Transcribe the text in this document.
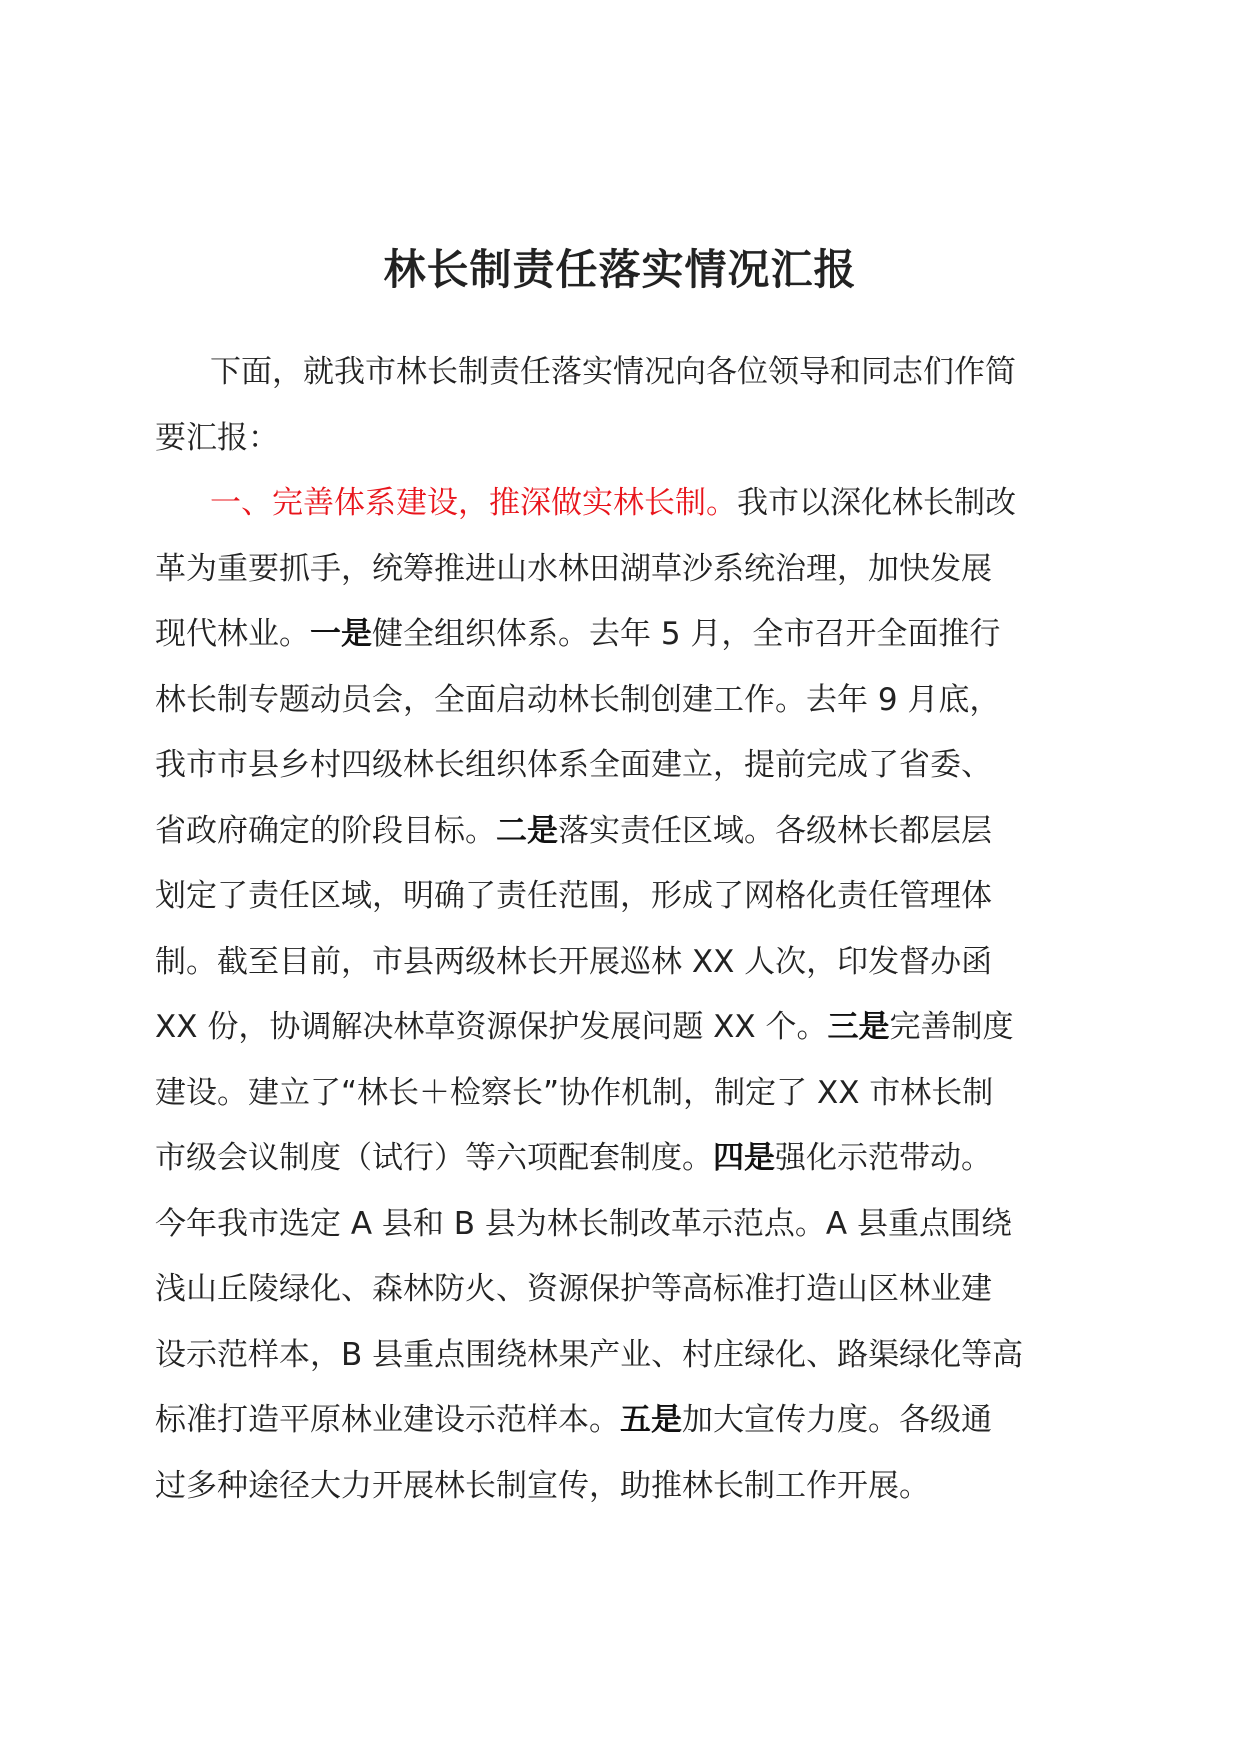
林长制责任落实情况汇报

下面，就我市林长制责任落实情况向各位领导和同志们作简
要汇报：

一、完善体系建设，推深做实林长制。我市以深化林长制改
革为重要抓手，统筹推进山水林田湖草沙系统治理，加快发展
现代林业。一是健全组织体系。去年 5 月，全市召开全面推行
林长制专题动员会，全面启动林长制创建工作。去年 9 月底，
我市市县乡村四级林长组织体系全面建立，提前完成了省委、
省政府确定的阶段目标。二是落实责任区域。各级林长都层层
划定了责任区域，明确了责任范围，形成了网格化责任管理体
制。截至目前，市县两级林长开展巡林 XX 人次，印发督办函
XX 份，协调解决林草资源保护发展问题 XX 个。三是完善制度
建设。建立了“林长＋检察长”协作机制，制定了 XX 市林长制
市级会议制度（试行）等六项配套制度。四是强化示范带动。
今年我市选定 A 县和 B 县为林长制改革示范点。A 县重点围绕
浅山丘陵绿化、森林防火、资源保护等高标准打造山区林业建
设示范样本，B 县重点围绕林果产业、村庄绿化、路渠绿化等高
标准打造平原林业建设示范样本。五是加大宣传力度。各级通
过多种途径大力开展林长制宣传，助推林长制工作开展。
